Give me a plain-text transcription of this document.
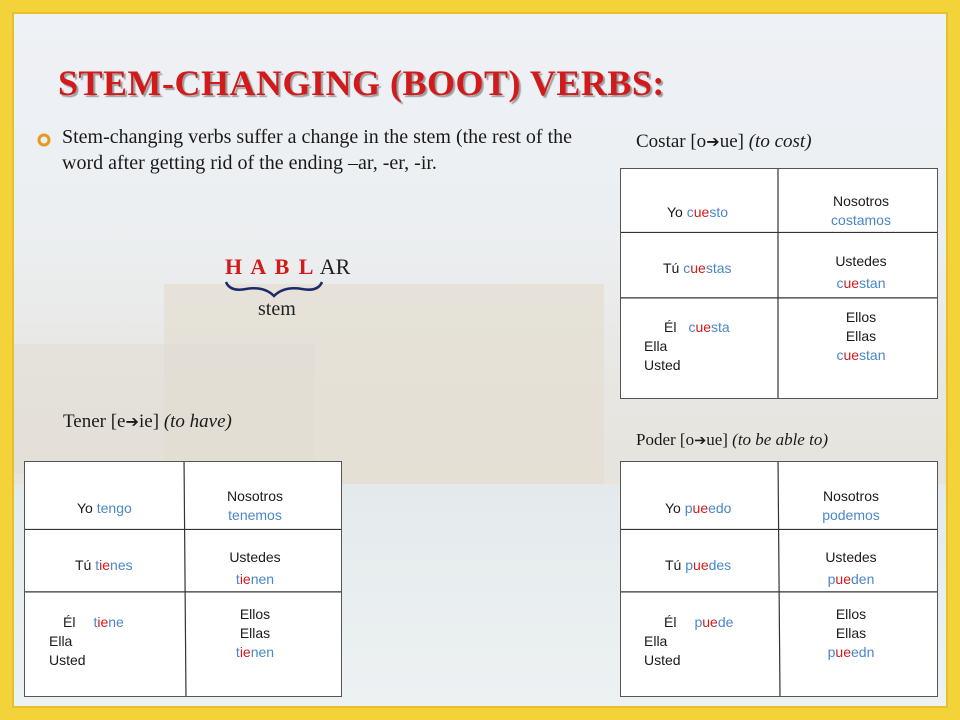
STEM-CHANGING (BOOT) VERBS:
Stem-changing verbs suffer a change in the stem (the rest of the word after getting rid of the ending –ar, -er, -ir.
H A B L AR
stem
Costar [o➔ue] (to cost)
Yo cuesto
Tú cuestas
Él cuesta
Ella
Usted
Nosotros
costamos
Ustedes
cuestan
Ellos
Ellas
cuestan
Tener [e➔ie] (to have)
Yo tengo
Tú tienes
Él tiene
Ella
Usted
Nosotros
tenemos
Ustedes
tienen
Ellos
Ellas
tienen
Poder [o➔ue] (to be able to)
Yo pueedo
Tú puedes
Él puede
Ella
Usted
Nosotros
podemos
Ustedes
pueden
Ellos
Ellas
pueedn
